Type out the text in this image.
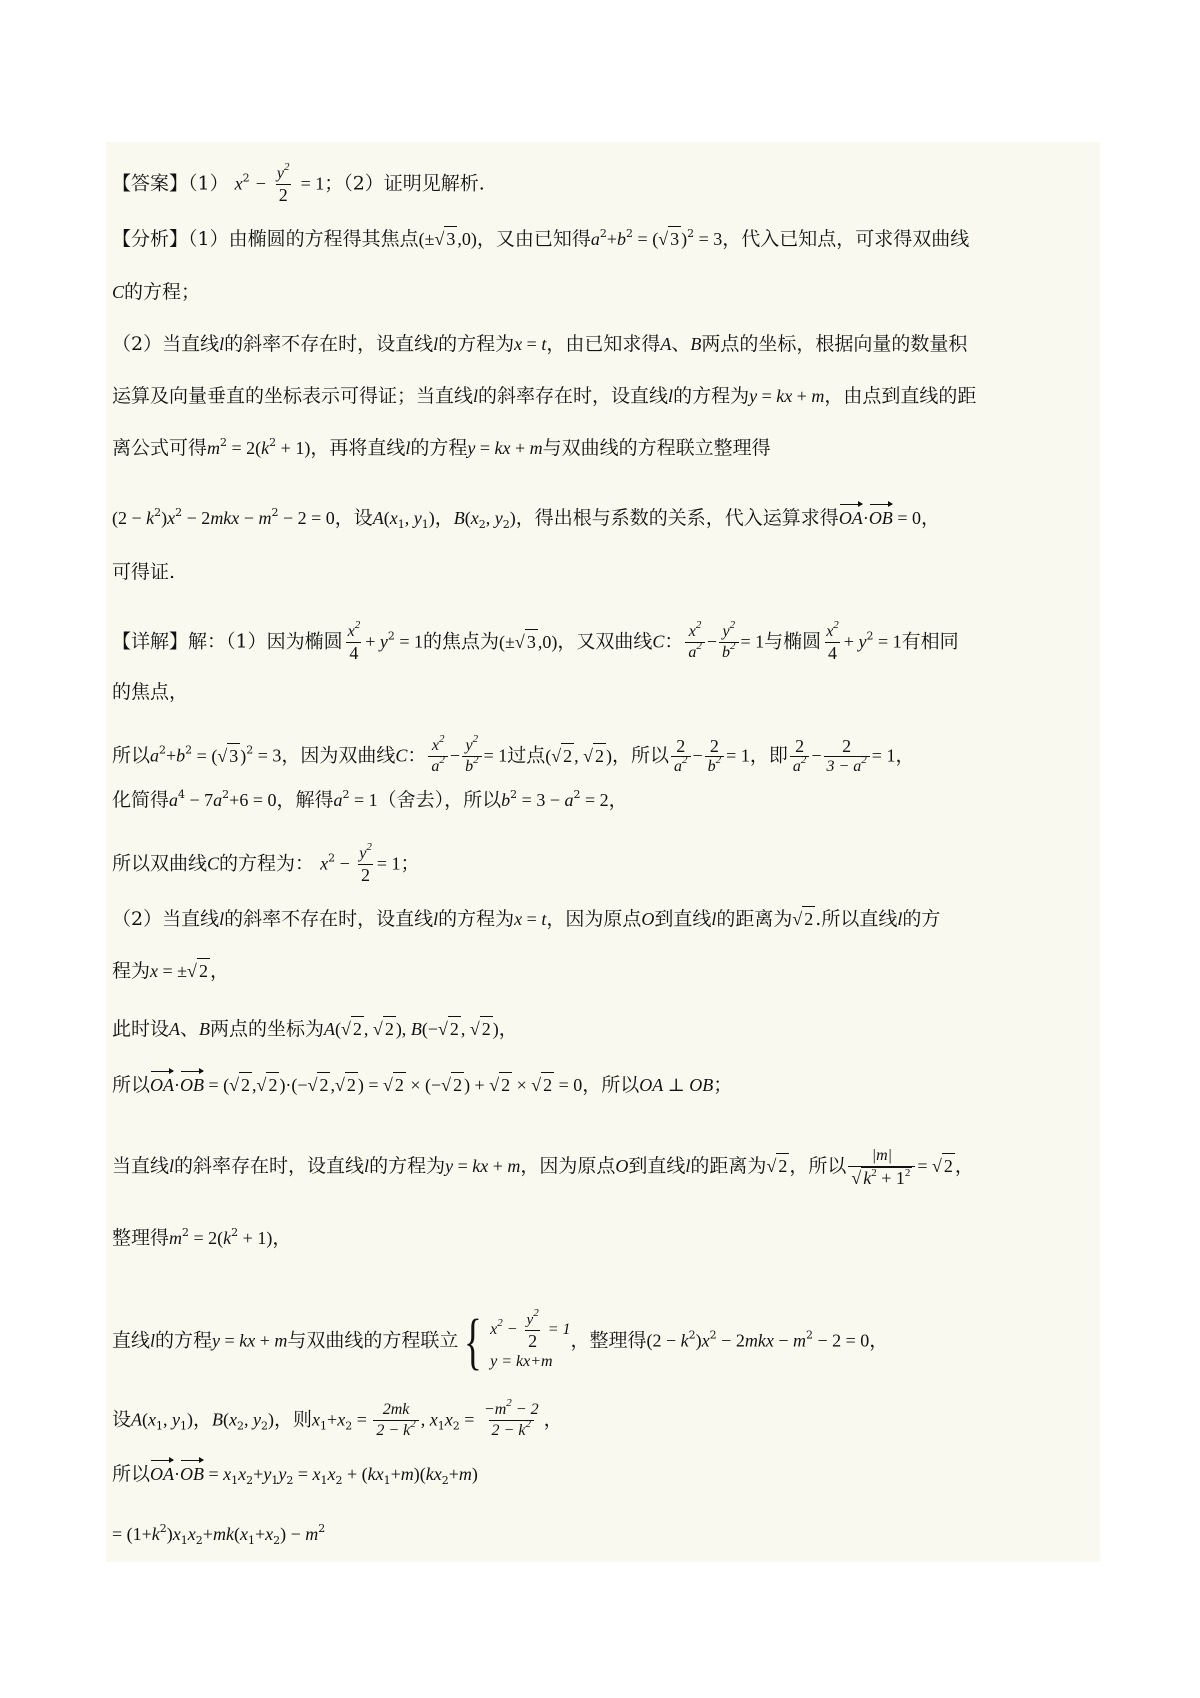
【答案】（1） $x^2 - \frac{y^2}{2} = 1$；（2）证明见解析.
【分析】（1）由椭圆的方程得其焦点(±√ 3 ,0)，又由已知得$a^2+b^2$ = (√ 3 )$^2$ = 3，代入已知点，可求得双曲线
C的方程；
（2）当直线l的斜率不存在时，设直线l的方程为x = t，由已知求得A、B两点的坐标，根据向量的数量积
运算及向量垂直的坐标表示可得证；当直线l的斜率存在时，设直线l的方程为y = kx + m，由点到直线的距
离公式可得$m^2 = 2(k^2 + 1)$，再将直线l的方程y = kx + m与双曲线的方程联立整理得
$(2 - k^2)x^2 - 2mkx - m^2 - 2 = 0$，设$A(x_1$, $y_1$)，$B(x_2$, $y_2$)，得出根与系数的关系，代入运算求得OA·OB = 0，
可得证.
【详解】解：（1）因为椭圆 $\frac{x^2}{4} + y^2 = 1$的焦点为(±√ 3 ,0)，又双曲线C： $\frac{x^2}{a^2} - \frac{y^2}{b^2} = 1$与椭圆 $\frac{x^2}{4} + y^2 = 1$有相同
的焦点，
所以$a^2+b^2$ = (√ 3 )$^2$ = 3，因为双曲线C： $\frac{x^2}{a^2} - \frac{y^2}{b^2} = 1$过点(√ 2 , √ 2 )，所以 $\frac{2}{a^2} - \frac{2}{b^2} = 1$，即 $\frac{2}{a^2} - \frac{2}{3 - a^2} = 1$，
化简得$a^4 - 7a^2+6 = 0$，解得$a^2 = 1$（舍去），所以$b^2 = 3 - a^2 = 2$，
所以双曲线C的方程为： $x^2 - \frac{y^2}{2} = 1$；
（2）当直线l的斜率不存在时，设直线l的方程为x = t，因为原点O到直线l的距离为√ 2 .所以直线l的方
程为x = ±√ 2 ，
此时设A、B两点的坐标为A(√ 2 , √ 2 ), B(−√ 2 , √ 2 )，
所以OA·OB = (√ 2 ,√ 2 )·(−√ 2 ,√ 2 ) = √ 2 × (−√ 2 ) + √ 2 × √ 2 = 0，所以OA ⊥ OB；
当直线l的斜率存在时，设直线l的方程为y = kx + m，因为原点O到直线l的距离为√ 2 ，所以 $\frac{|m|}{√ k^2 + 1^2}$ = √ 2 ，
整理得$m^2 = 2(k^2 + 1)$，
直线l的方程y = kx + m与双曲线的方程联立 { $x^2 - \frac{y^2}{2} = 1$
y = kx+m
，整理得$(2 - k^2)x^2 - 2mkx - m^2 - 2 = 0$，
设$A(x_1$, $y_1$)，$B(x_2$, $y_2$)，则$x_1+x_2 = \frac{2mk}{2 - k^2}$ , $x_1x_2 = \frac{-m^2 - 2}{2 - k^2}$ ，
所以$OA\cdot OB = x_1x_2+y_1y_2 = x_1x_2 + (kx_1+m)(kx_2+m)$
= $(1+k^2)x_1x_2+mk(x_1+x_2) - m^2$
